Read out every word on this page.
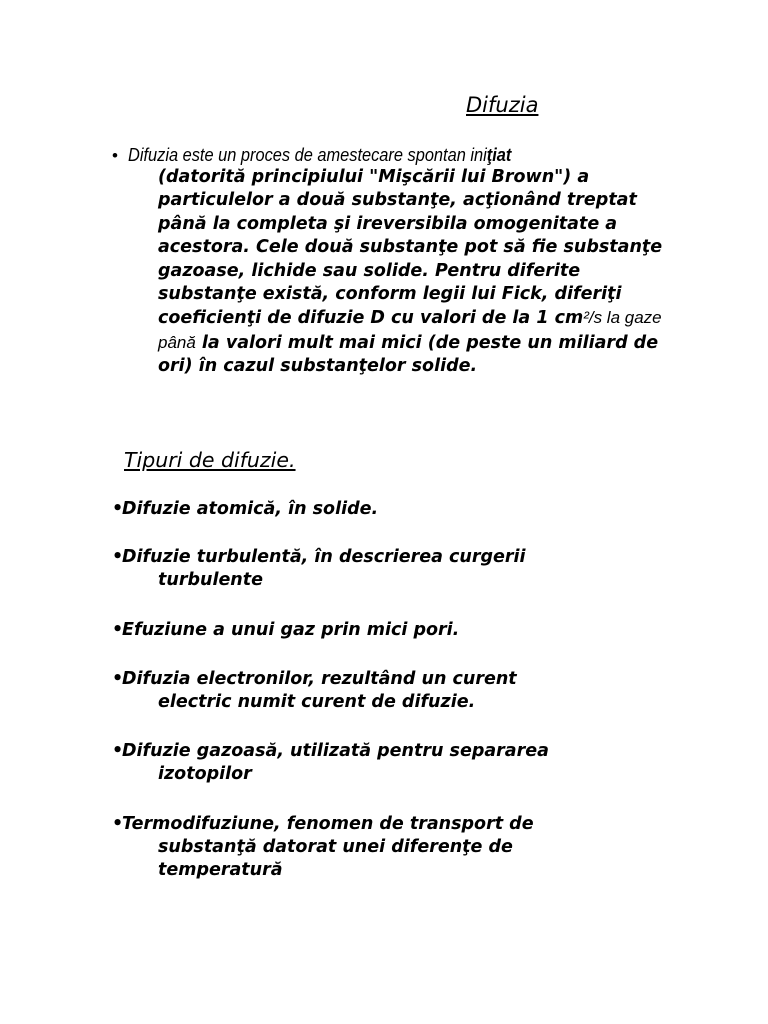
Difuzia
• Difuzia este un proces de amestecare spontan iniţiat
(datorită principiului "Mişcării lui Brown") a particulelor a două substanţe, acţionând treptat până la completa şi ireversibila omogenitate a acestora. Cele două substanţe pot să fie substanţe gazoase, lichide sau solide. Pentru diferite substanţe există, conform legii lui Fick, diferiţi coeficienţi de difuzie D cu valori de la 1 cm²/s la gaze până la valori mult mai mici (de peste un miliard de ori) în cazul substanţelor solide.
Tipuri de difuzie.
•
Difuzie atomică, în solide.
•
Difuzie turbulentă, în descrierea curgerii
turbulente
•
Efuziune a unui gaz prin mici pori.
•
Difuzia electronilor, rezultând un curent
electric numit curent de difuzie.
•
Difuzie gazoasă, utilizată pentru separarea
izotopilor
•
Termodifuziune, fenomen de transport de
substanţă datorat unei diferenţe de
temperatură
